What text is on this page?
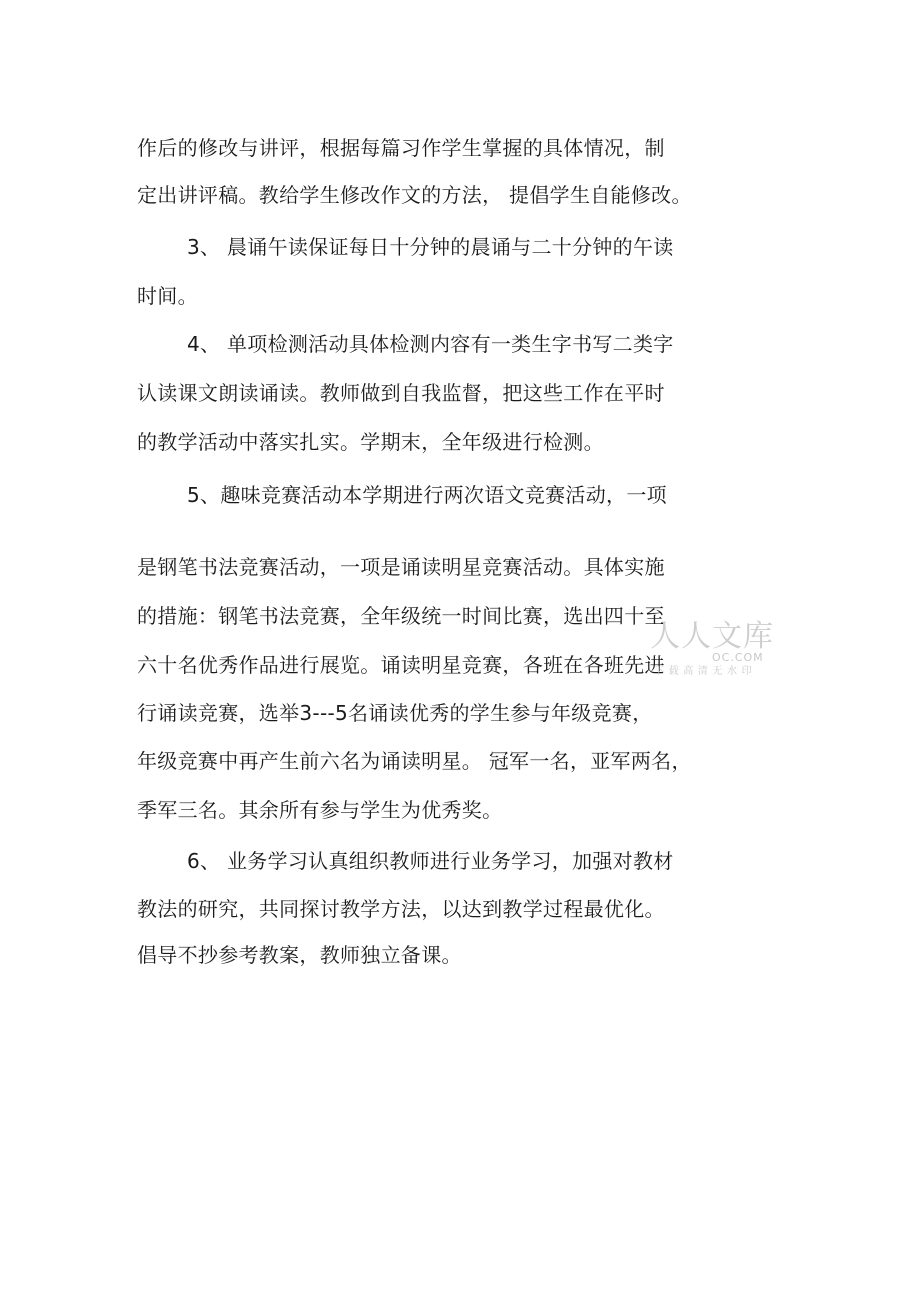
作后的修改与讲评，根据每篇习作学生掌握的具体情况，制
定出讲评稿。教给学生修改作文的方法， 提倡学生自能修改。
3、 晨诵午读保证每日十分钟的晨诵与二十分钟的午读
时间。
4、 单项检测活动具体检测内容有一类生字书写二类字
认读课文朗读诵读。教师做到自我监督，把这些工作在平时
的教学活动中落实扎实。学期末，全年级进行检测。
5、趣味竞赛活动本学期进行两次语文竞赛活动，一项
是钢笔书法竞赛活动，一项是诵读明星竞赛活动。具体实施
的措施：钢笔书法竞赛，全年级统一时间比赛，选出四十至
六十名优秀作品进行展览。诵读明星竞赛，各班在各班先进
行诵读竞赛，选举3---5名诵读优秀的学生参与年级竞赛，
年级竞赛中再产生前六名为诵读明星。 冠军一名，亚军两名，
季军三名。其余所有参与学生为优秀奖。
6、 业务学习认真组织教师进行业务学习，加强对教材
教法的研究，共同探讨教学方法，以达到教学过程最优化。
倡导不抄参考教案，教师独立备课。
人人文库
OC.COM
下载高清无水印
